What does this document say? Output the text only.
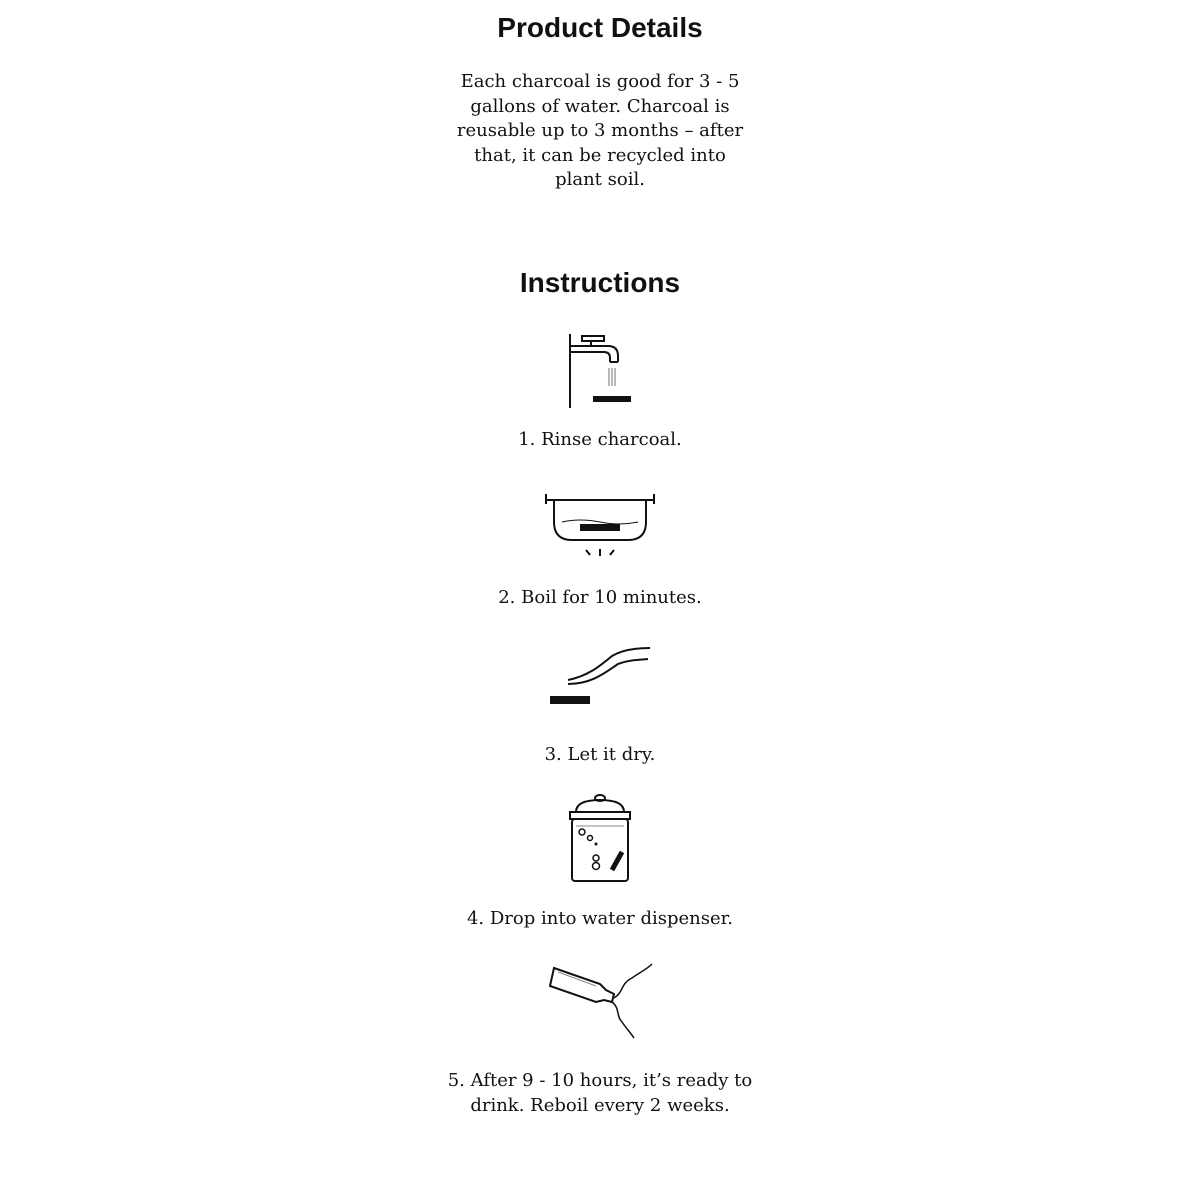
Product Details

Each charcoal is good for 3 - 5
gallons of water. Charcoal is
reusable up to 3 months – after
that, it can be recycled into
plant soil.

Instructions

1. Rinse charcoal.

2. Boil for 10 minutes.

3. Let it dry.

4. Drop into water dispenser.

5. After 9 - 10 hours, it’s ready to
drink. Reboil every 2 weeks.
